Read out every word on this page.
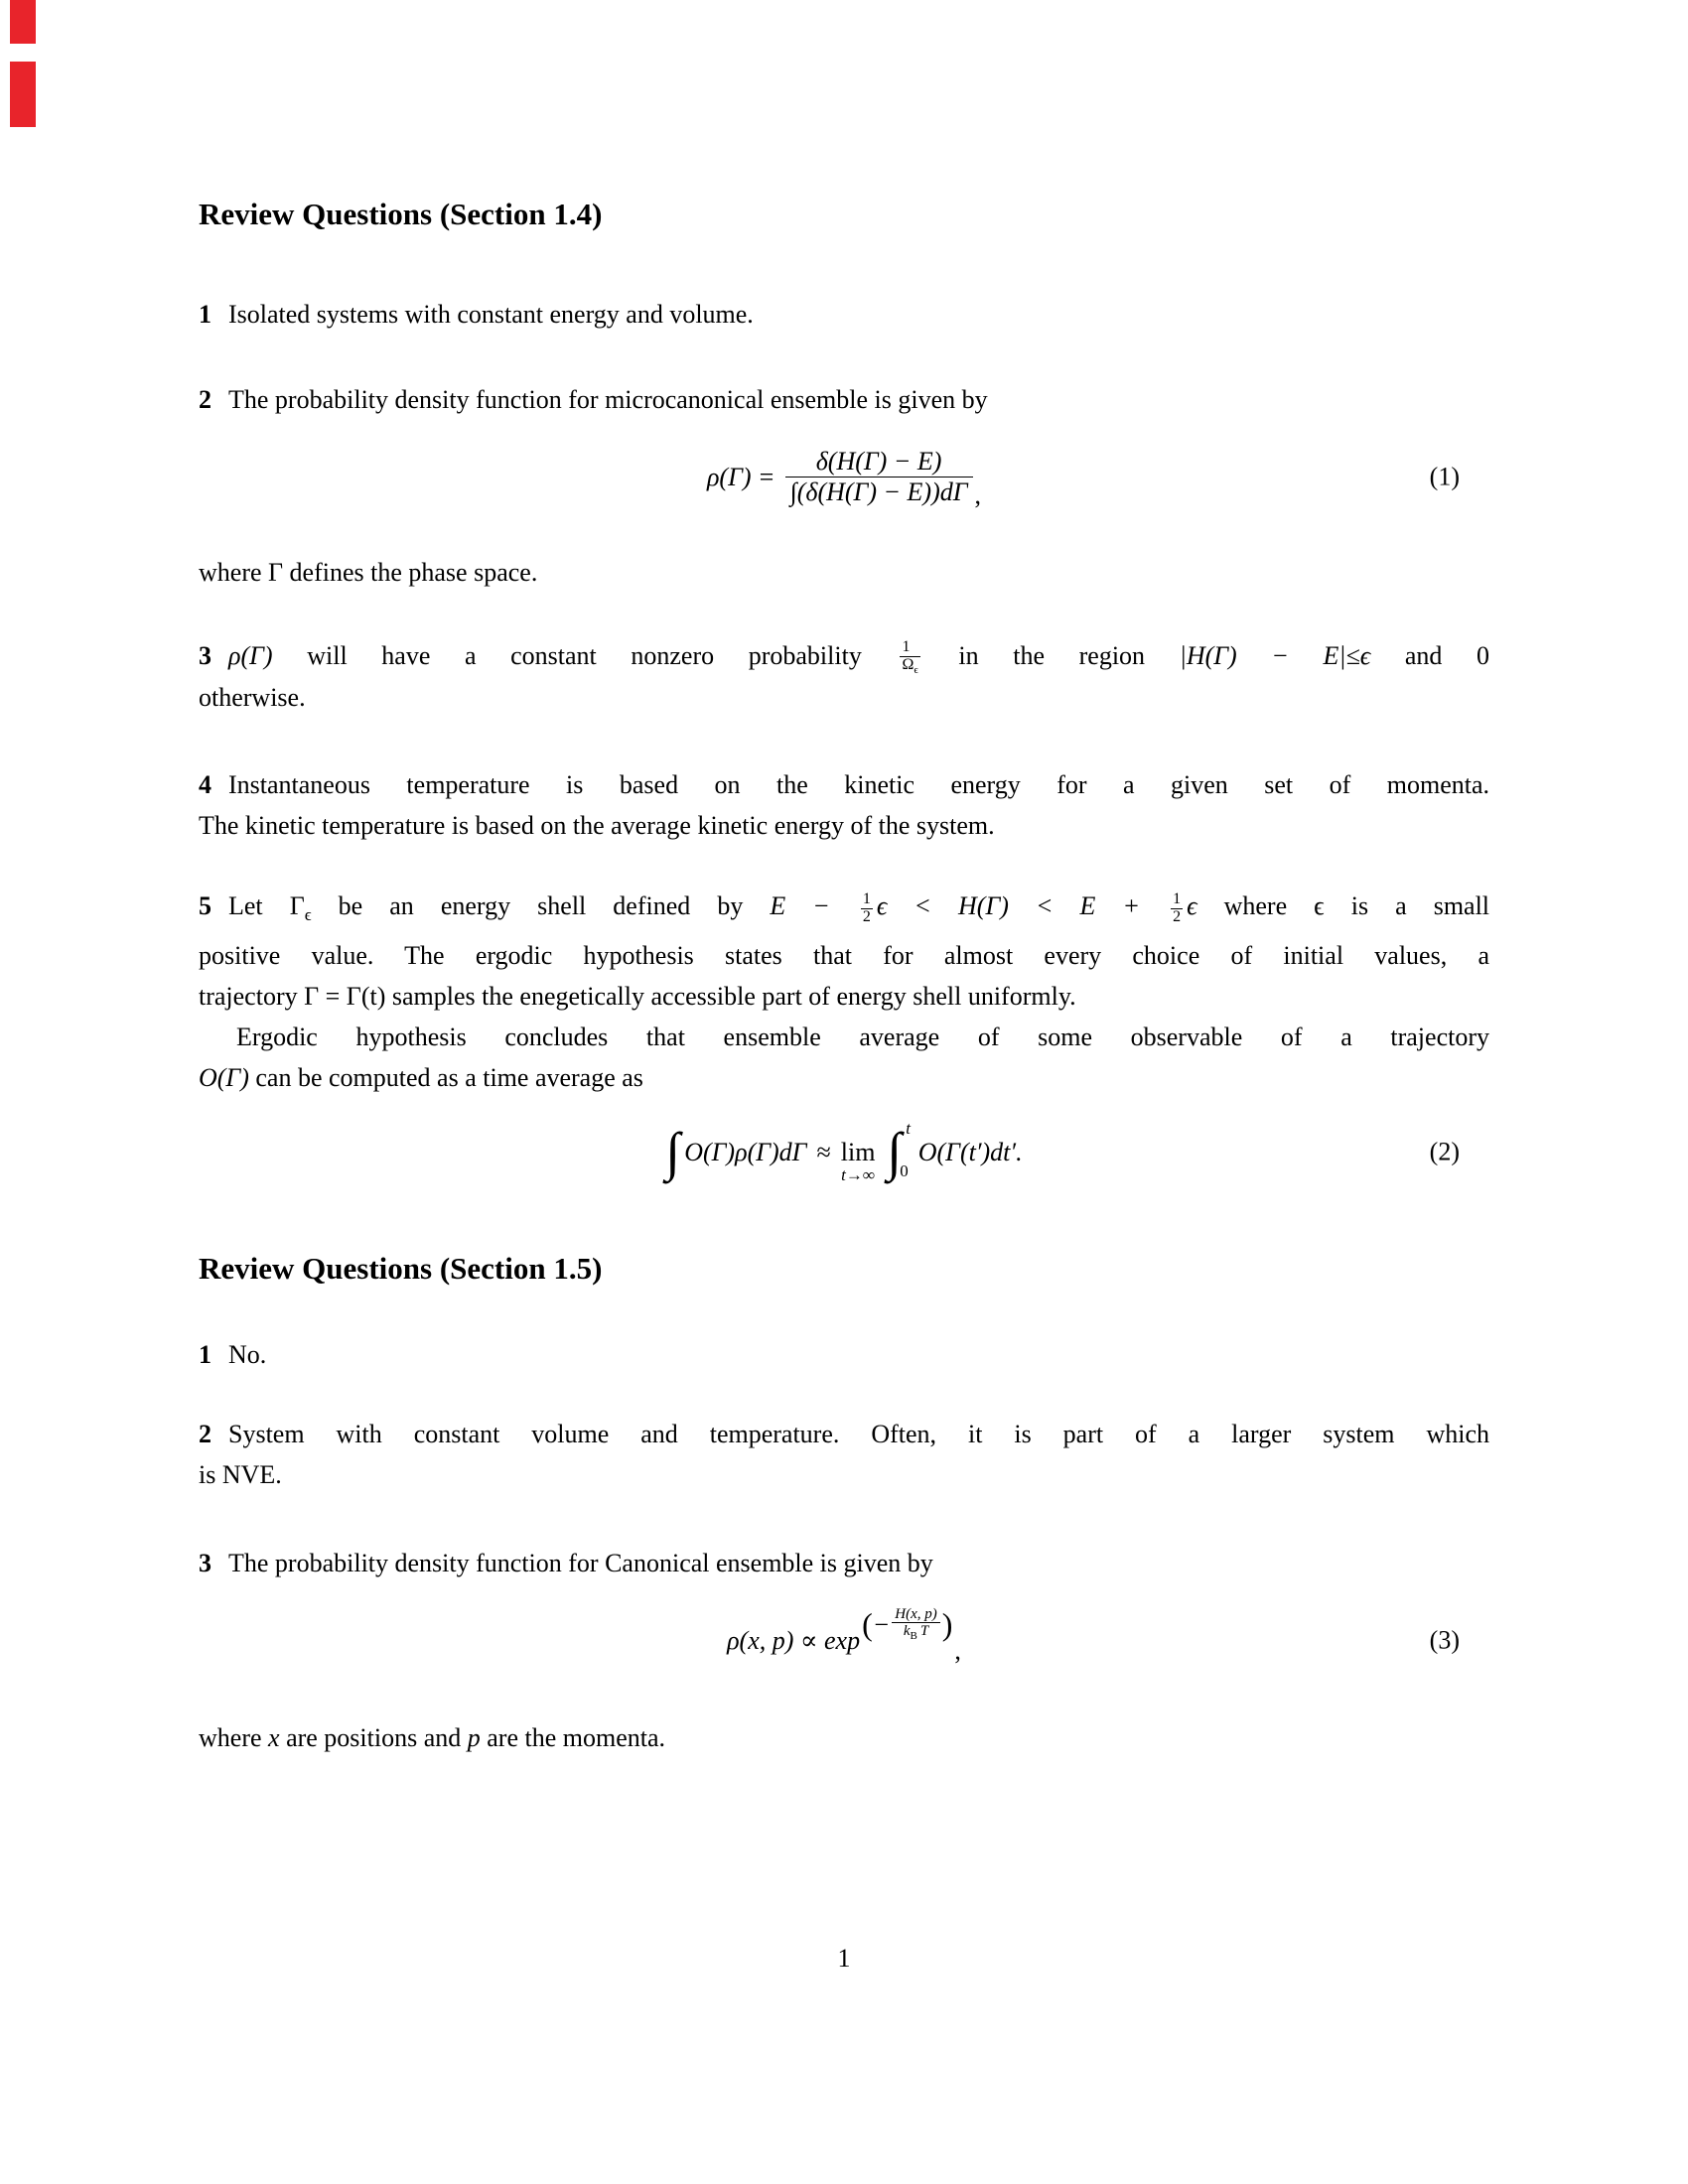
Review Questions (Section 1.4)

1 Isolated systems with constant energy and volume.

2 The probability density function for microcanonical ensemble is given by

$\rho(\Gamma) = \frac{\delta(H(\Gamma) - E)}{\int(\delta(H(\Gamma) - E))d\Gamma}$ ,
(1)

where Γ defines the phase space.

3 ρ(Γ) will have a constant nonzero probability $\frac{1}{\Omega_\epsilon}$ in the region |H(Γ) − E|≤ϵ and 0
otherwise.

4 Instantaneous temperature is based on the kinetic energy for a given set of momenta.
The kinetic temperature is based on the average kinetic energy of the system.

5 Let $\Gamma_\epsilon$ be an energy shell defined by $E - \frac{1}{2}$ $\epsilon < H(\Gamma) < E + \frac{1}{2}$ ϵ where ϵ is a small
positive value. The ergodic hypothesis states that for almost every choice of initial values, a
trajectory Γ = Γ(t) samples the enegetically accessible part of energy shell uniformly.
Ergodic hypothesis concludes that ensemble average of some observable of a trajectory
O(Γ) can be computed as a time average as

∫ O(Γ)ρ(Γ)dΓ ≈ lim
t→∞ ∫ t
0
O(Γ(t′)dt′.	(2)
Review Questions (Section 1.5)

1 No.

2 System with constant volume and temperature. Often, it is part of a larger system which
is NVE.

3 The probability density function for Canonical ensemble is given by

ρ(x, p) ∝ exp ( − $\frac{H(x, p)}{k_B T}$ )
,	(3)

where x are positions and p are the momenta.

1
